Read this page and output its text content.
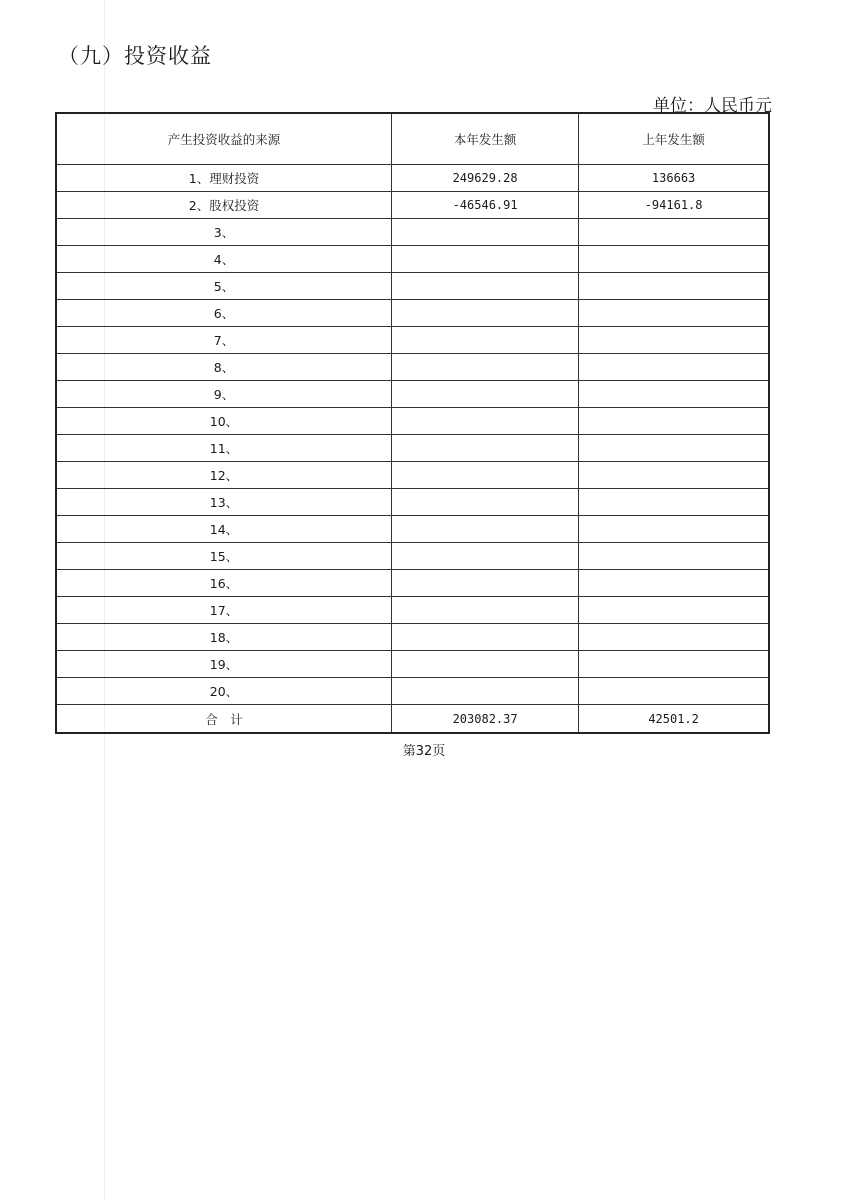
（九）投资收益
单位：人民币元
产生投资收益的来源	本年发生额	上年发生额
1、理财投资	249629.28	136663
2、股权投资	-46546.91	-94161.8
3、		
4、		
5、		
6、		
7、		
8、		
9、		
10、		
11、		
12、		
13、		
14、		
15、		
16、		
17、		
18、		
19、		
20、		
合　计	203082.37	42501.2
第32页
